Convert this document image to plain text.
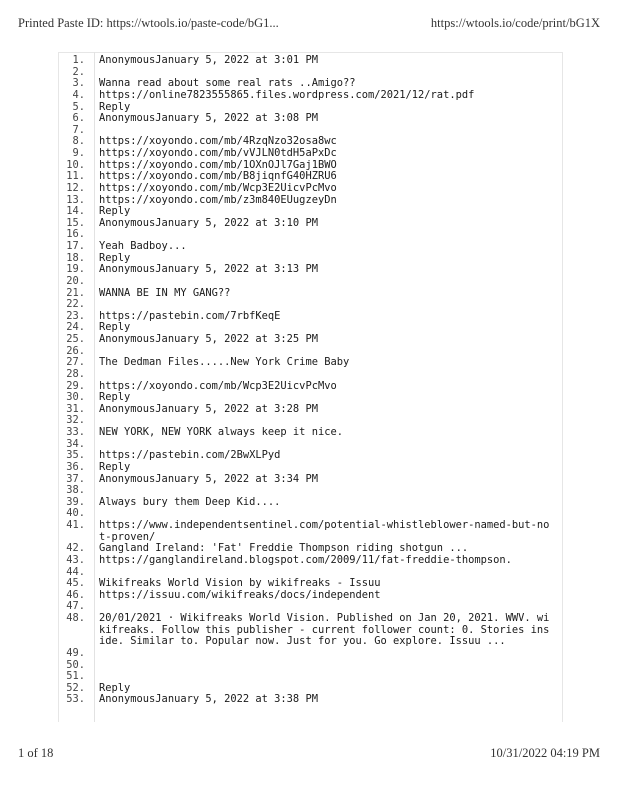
Printed Paste ID: https://wtools.io/paste-code/bG1...	https://wtools.io/code/print/bG1X
1.	AnonymousJanuary 5, 2022 at 3:01 PM
2.
3.	Wanna read about some real rats ..Amigo??
4.	https://online7823555865.files.wordpress.com/2021/12/rat.pdf
5.	Reply
6.	AnonymousJanuary 5, 2022 at 3:08 PM
7.
8.	https://xoyondo.com/mb/4RzqNzo32osa8wc
9.	https://xoyondo.com/mb/vVJLN0tdH5aPxDc
10.	https://xoyondo.com/mb/1OXnOJl7Gaj1BWO
11.	https://xoyondo.com/mb/B8jiqnfG40HZRU6
12.	https://xoyondo.com/mb/Wcp3E2UicvPcMvo
13.	https://xoyondo.com/mb/z3m840EUugzeyDn
14.	Reply
15.	AnonymousJanuary 5, 2022 at 3:10 PM
16.
17.	Yeah Badboy...
18.	Reply
19.	AnonymousJanuary 5, 2022 at 3:13 PM
20.
21.	WANNA BE IN MY GANG??
22.
23.	https://pastebin.com/7rbfKeqE
24.	Reply
25.	AnonymousJanuary 5, 2022 at 3:25 PM
26.
27.	The Dedman Files.....New York Crime Baby
28.
29.	https://xoyondo.com/mb/Wcp3E2UicvPcMvo
30.	Reply
31.	AnonymousJanuary 5, 2022 at 3:28 PM
32.
33.	NEW YORK, NEW YORK always keep it nice.
34.
35.	https://pastebin.com/2BwXLPyd
36.	Reply
37.	AnonymousJanuary 5, 2022 at 3:34 PM
38.
39.	Always bury them Deep Kid....
40.
41.	https://www.independentsentinel.com/potential-whistleblower-named-but-not-proven/
42.	Gangland Ireland: 'Fat' Freddie Thompson riding shotgun ...
43.	https://ganglandireland.blogspot.com/2009/11/fat-freddie-thompson.
44.
45.	Wikifreaks World Vision by wikifreaks - Issuu
46.	https://issuu.com/wikifreaks/docs/independent
47.
48.	20/01/2021 · Wikifreaks World Vision. Published on Jan 20, 2021. WWV. wikifreaks. Follow this publisher - current follower count: 0. Stories inside. Similar to. Popular now. Just for you. Go explore. Issuu ...
49.
50.
51.
52.	Reply
53.	AnonymousJanuary 5, 2022 at 3:38 PM
1 of 18	10/31/2022 04:19 PM
